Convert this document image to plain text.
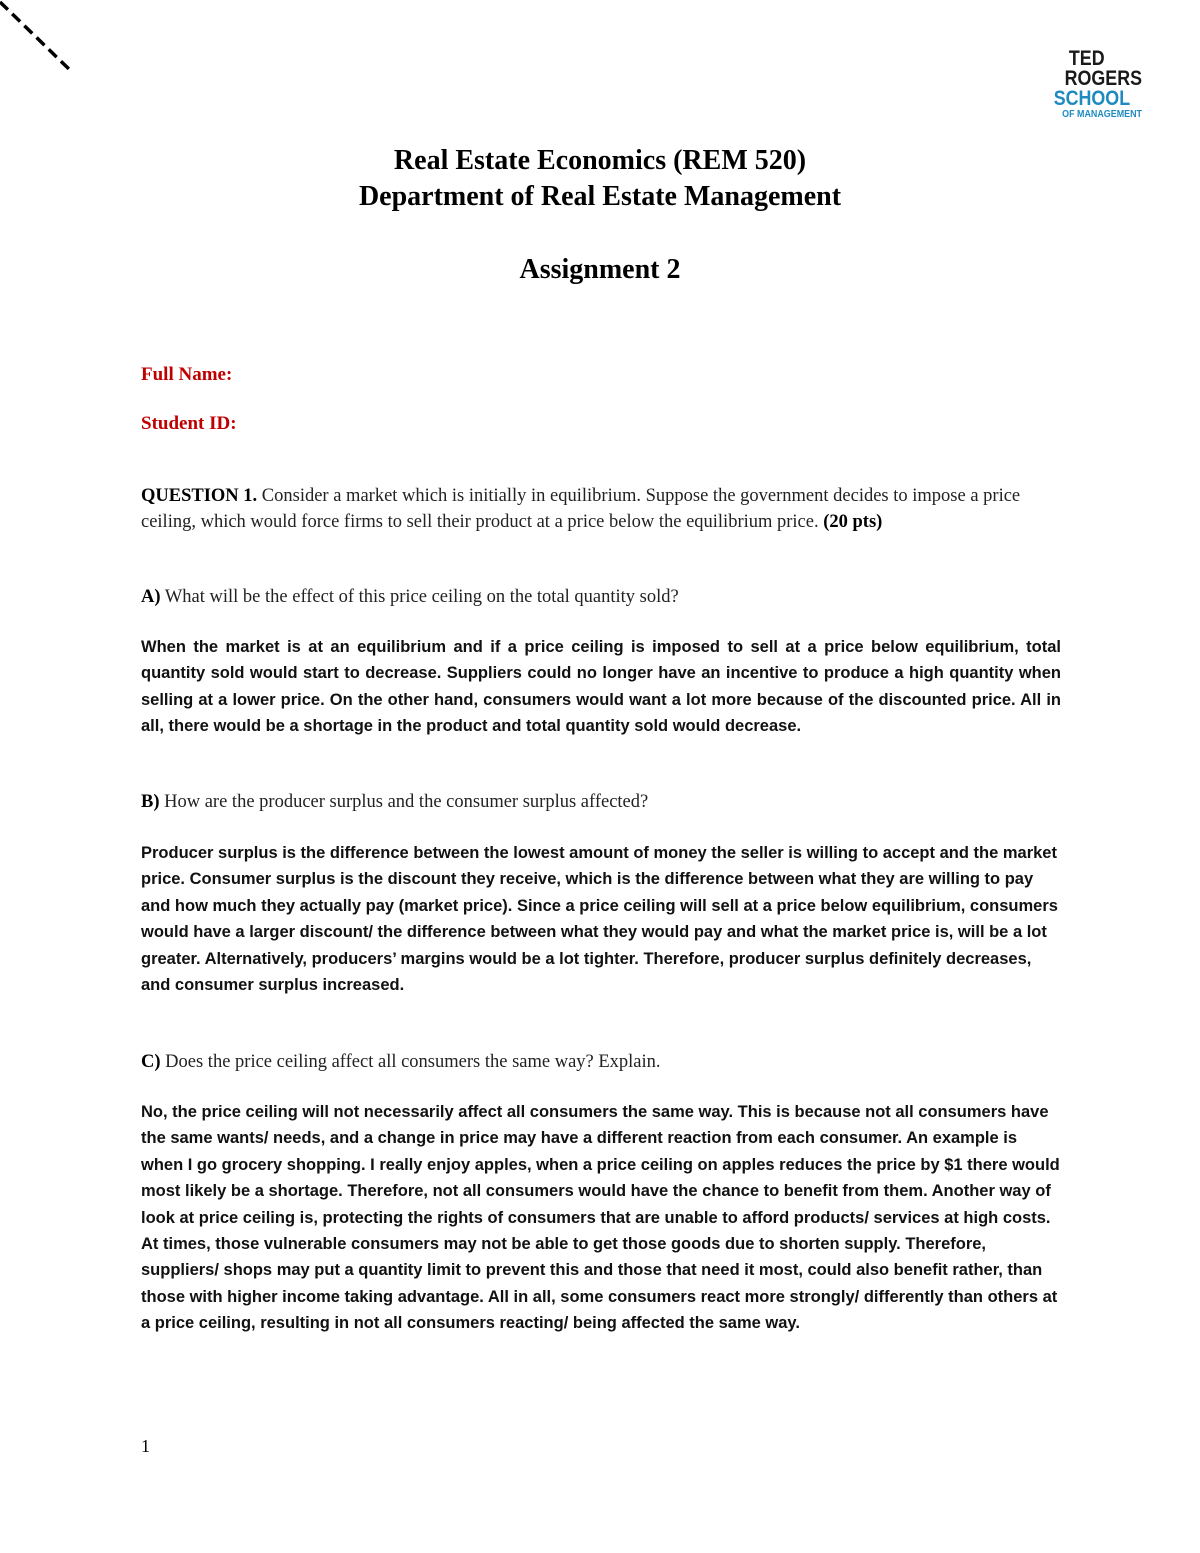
TED
ROGERS
SCHOOL
OF MANAGEMENT
Real Estate Economics (REM 520)
Department of Real Estate Management
Assignment 2
Full Name:
Student ID:

QUESTION 1. Consider a market which is initially in equilibrium. Suppose the government decides to impose a price ceiling, which would force firms to sell their product at a price below the equilibrium price. (20 pts)

A) What will be the effect of this price ceiling on the total quantity sold?

When the market is at an equilibrium and if a price ceiling is imposed to sell at a price below equilibrium, total quantity sold would start to decrease. Suppliers could no longer have an incentive to produce a high quantity when selling at a lower price. On the other hand, consumers would want a lot more because of the discounted price. All in all, there would be a shortage in the product and total quantity sold would decrease.

B) How are the producer surplus and the consumer surplus affected?

Producer surplus is the difference between the lowest amount of money the seller is willing to accept and the market price. Consumer surplus is the discount they receive, which is the difference between what they are willing to pay and how much they actually pay (market price). Since a price ceiling will sell at a price below equilibrium, consumers would have a larger discount/ the difference between what they would pay and what the market price is, will be a lot greater. Alternatively, producers’ margins would be a lot tighter. Therefore, producer surplus definitely decreases, and consumer surplus increased.

C) Does the price ceiling affect all consumers the same way? Explain.

No, the price ceiling will not necessarily affect all consumers the same way. This is because not all consumers have the same wants/ needs, and a change in price may have a different reaction from each consumer. An example is when I go grocery shopping. I really enjoy apples, when a price ceiling on apples reduces the price by $1 there would most likely be a shortage. Therefore, not all consumers would have the chance to benefit from them. Another way of look at price ceiling is, protecting the rights of consumers that are unable to afford products/ services at high costs. At times, those vulnerable consumers may not be able to get those goods due to shorten supply. Therefore, suppliers/ shops may put a quantity limit to prevent this and those that need it most, could also benefit rather, than those with higher income taking advantage. All in all, some consumers react more strongly/ differently than others at a price ceiling, resulting in not all consumers reacting/ being affected the same way.

1
